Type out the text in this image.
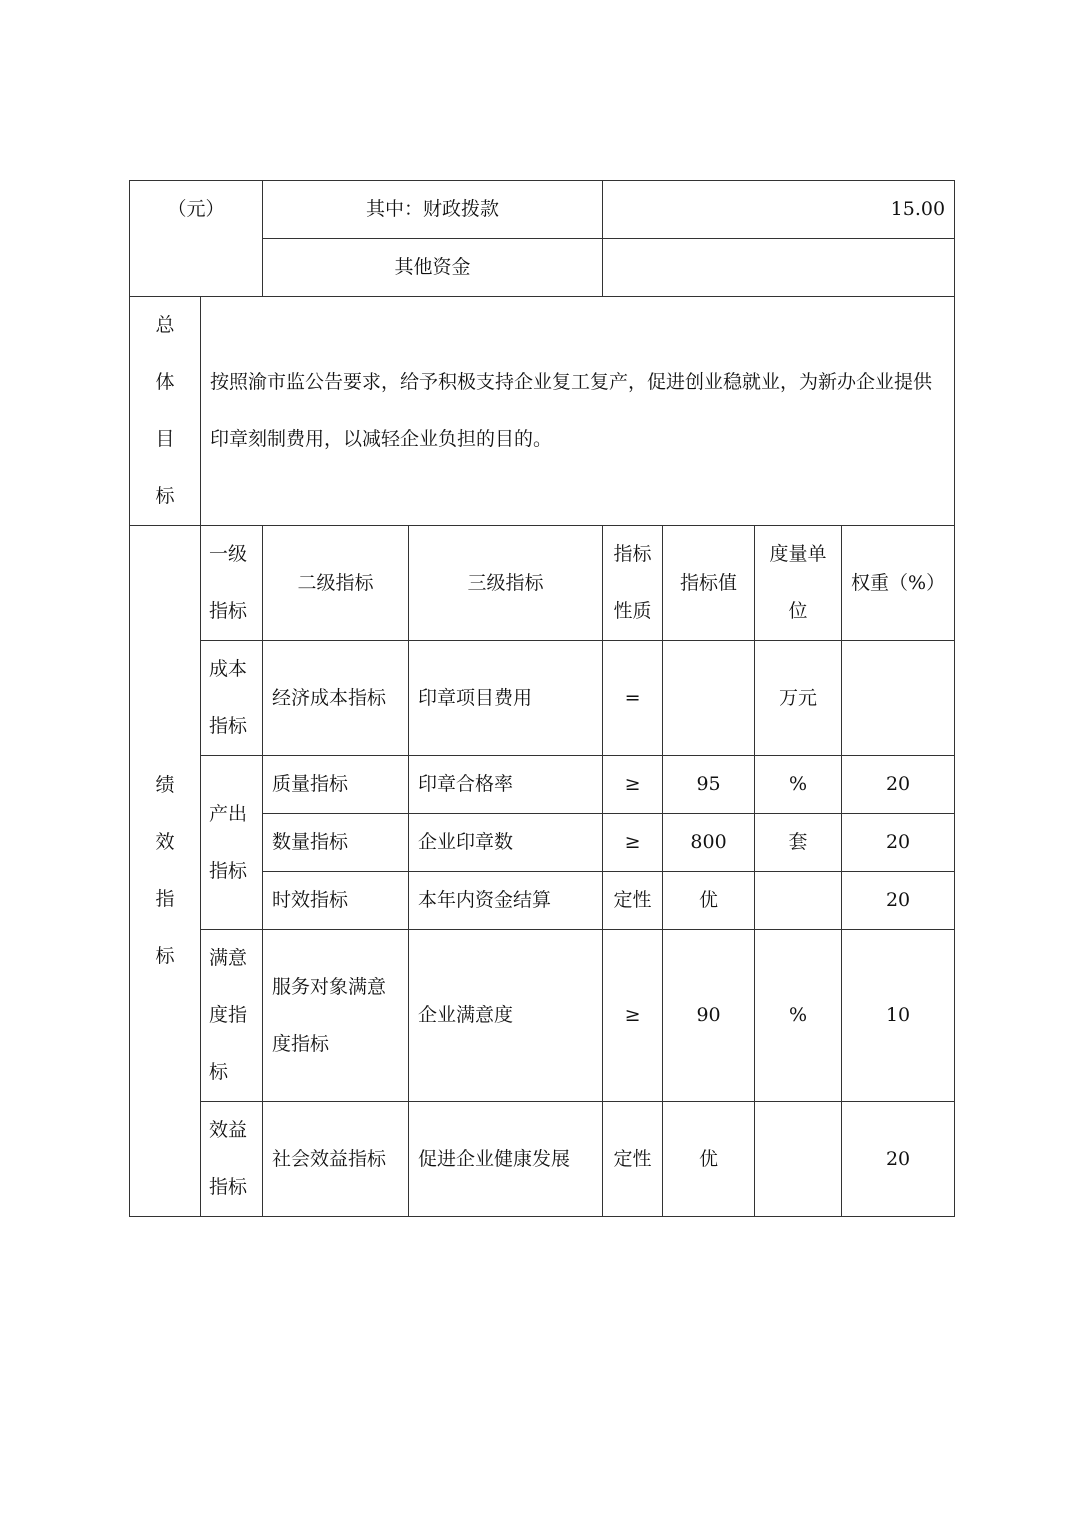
（元）		其中：财政拨款		15.00			
		其他资金					

总体目标	按照渝市监公告要求，给予积极支持企业复工复产，促进创业稳就业，为新办企业提供印章刻制费用，以减轻企业负担的目的。						

绩效指标	一级指标	二级指标	三级指标	指标性质	指标值	度量单位	权重（%）
	成本指标	经济成本指标	印章项目费用	=		万元	
	产出指标	质量指标	印章合格率	≥	95	%	20
		数量指标	企业印章数	≥	800	套	20
		时效指标	本年内资金结算	定性	优		20
	满意度指标	服务对象满意度指标	企业满意度	≥	90	%	10
	效益指标	社会效益指标	促进企业健康发展	定性	优		20
